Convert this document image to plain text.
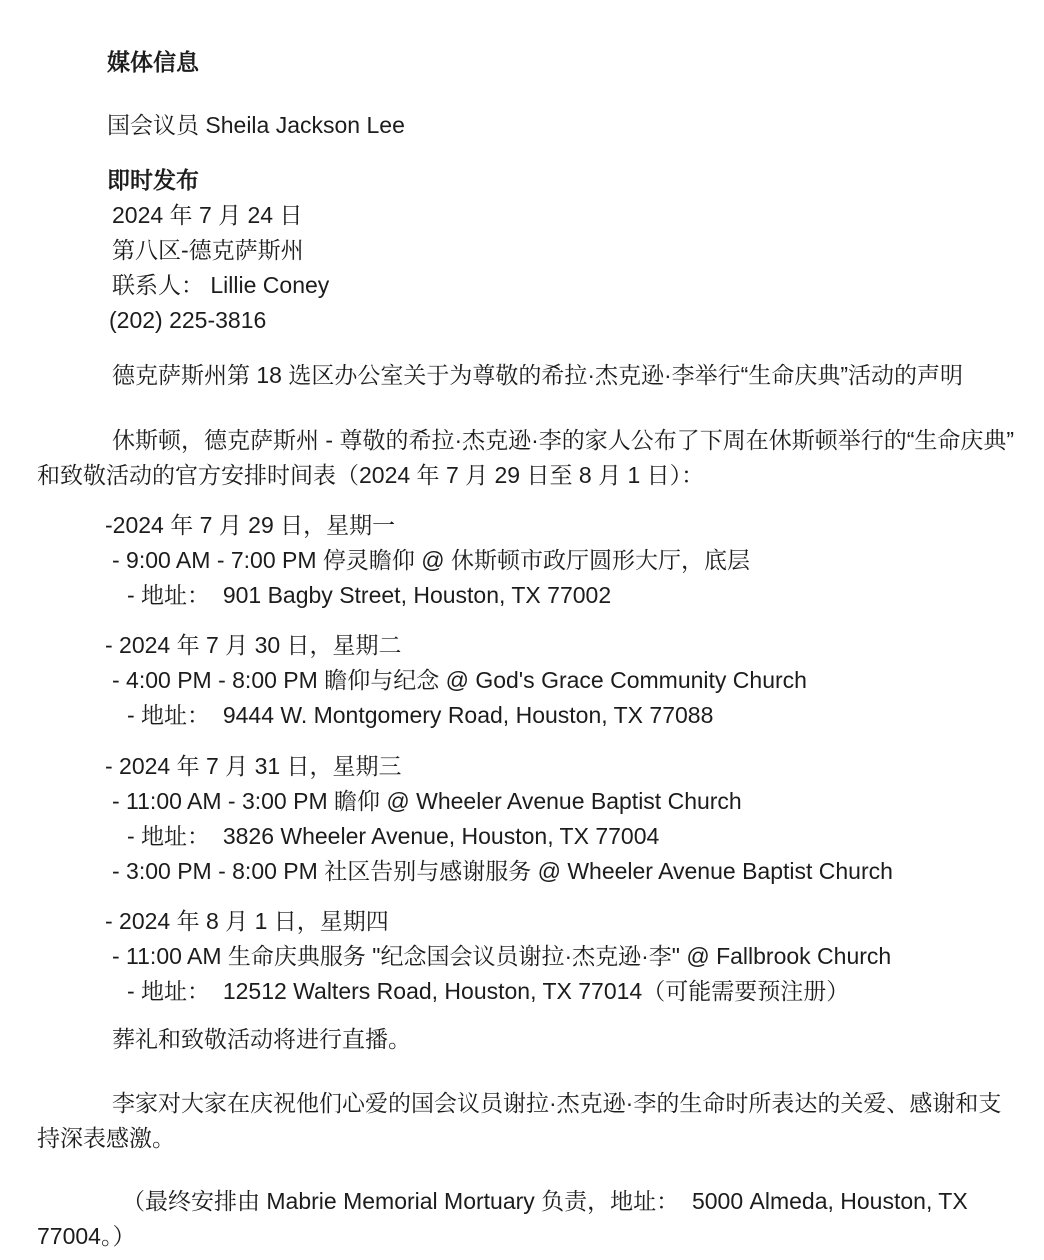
媒体信息
国会议员 Sheila Jackson Lee
即时发布
2024 年 7 月 24 日
第八区-德克萨斯州
联系人： Lillie Coney
(202) 225-3816
德克萨斯州第 18 选区办公室关于为尊敬的希拉·杰克逊·李举行“生命庆典”活动的声明
休斯顿，德克萨斯州 - 尊敬的希拉·杰克逊·李的家人公布了下周在休斯顿举行的“生命庆典”
和致敬活动的官方安排时间表（2024 年 7 月 29 日至 8 月 1 日）：
-2024 年 7 月 29 日，星期一
- 9:00 AM - 7:00 PM 停灵瞻仰 @ 休斯顿市政厅圆形大厅，底层
- 地址：  901 Bagby Street, Houston, TX 77002
- 2024 年 7 月 30 日，星期二
- 4:00 PM - 8:00 PM 瞻仰与纪念 @ God's Grace Community Church
- 地址：  9444 W. Montgomery Road, Houston, TX 77088
- 2024 年 7 月 31 日，星期三
- 11:00 AM - 3:00 PM 瞻仰 @ Wheeler Avenue Baptist Church
- 地址：  3826 Wheeler Avenue, Houston, TX 77004
- 3:00 PM - 8:00 PM 社区告别与感谢服务 @ Wheeler Avenue Baptist Church
- 2024 年 8 月 1 日，星期四
- 11:00 AM 生命庆典服务 "纪念国会议员谢拉·杰克逊·李" @ Fallbrook Church
- 地址：  12512 Walters Road, Houston, TX 77014（可能需要预注册）
葬礼和致敬活动将进行直播。
李家对大家在庆祝他们心爱的国会议员谢拉·杰克逊·李的生命时所表达的关爱、感谢和支
持深表感激。
（最终安排由 Mabrie Memorial Mortuary 负责，地址：  5000 Almeda, Houston, TX
77004。）
